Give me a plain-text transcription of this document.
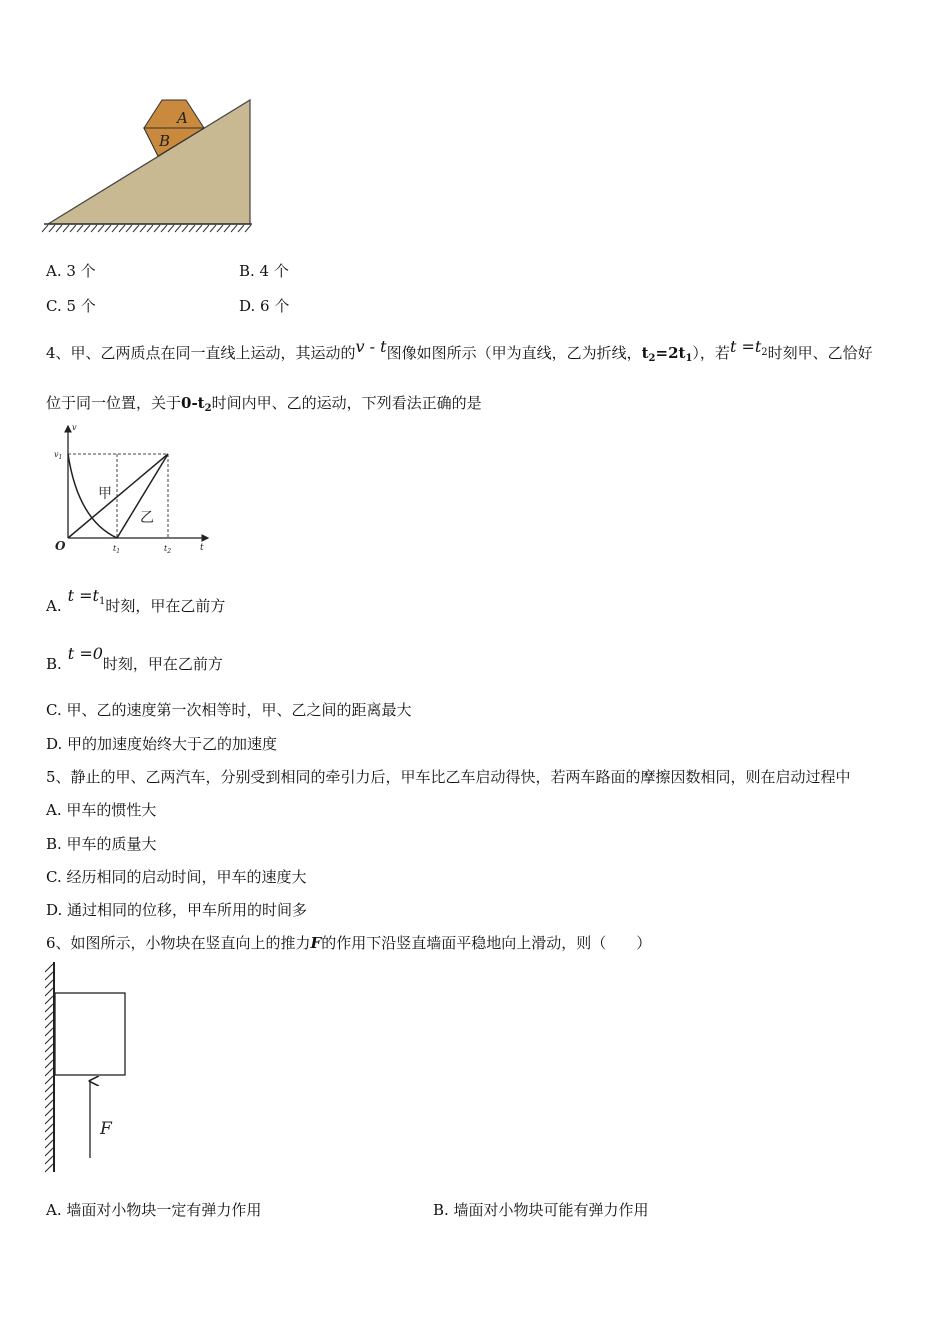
A
B
A. 3 个	B. 4 个
C. 5 个	D. 6 个
4、甲、乙两质点在同一直线上运动，其运动的v - t图像如图所示（甲为直线，乙为折线，$t_2=2t_1$），若t =t2时刻甲、乙恰好
位于同一位置，关于$0-t_2$时间内甲、乙的运动，下列看法正确的是
v
$v_1$
O	t
$t_1$	$t_2$
甲
乙
A.t =t1时刻，甲在乙前方
B.t =0时刻，甲在乙前方
C. 甲、乙的速度第一次相等时，甲、乙之间的距离最大
D. 甲的加速度始终大于乙的加速度
5、静止的甲、乙两汽车，分别受到相同的牵引力后，甲车比乙车启动得快，若两车路面的摩擦因数相同，则在启动过程中
A. 甲车的惯性大
B. 甲车的质量大
C. 经历相同的启动时间，甲车的速度大
D. 通过相同的位移，甲车所用的时间多
6、如图所示，小物块在竖直向上的推力F的作用下沿竖直墙面平稳地向上滑动，则（　　）
F
A. 墙面对小物块一定有弹力作用	B. 墙面对小物块可能有弹力作用
